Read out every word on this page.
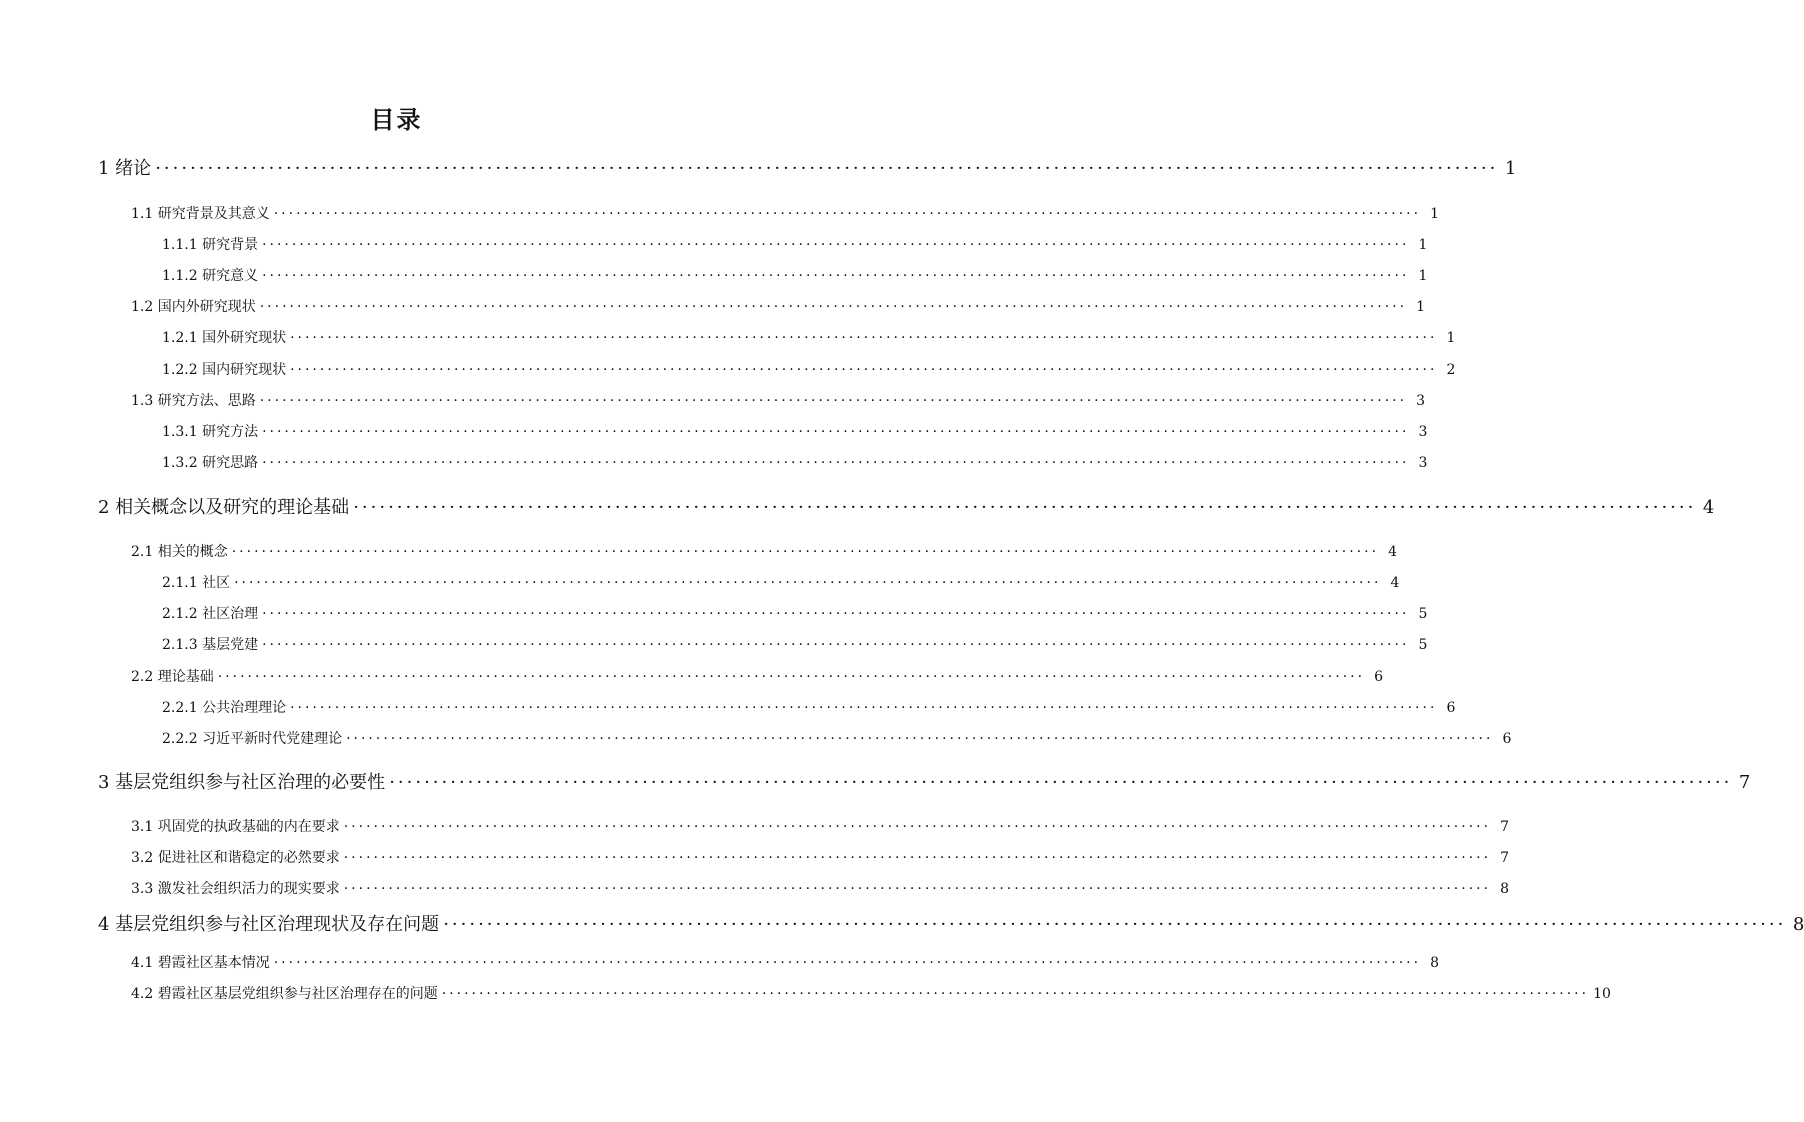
目录
1 绪论 ·························································································································································· 1
1.1 研究背景及其意义 ·························································································································································· 1
1.1.1 研究背景 ·························································································································································· 1
1.1.2 研究意义 ·························································································································································· 1
1.2 国内外研究现状 ·························································································································································· 1
1.2.1 国外研究现状 ·························································································································································· 1
1.2.2 国内研究现状 ·························································································································································· 2
1.3 研究方法、思路 ·························································································································································· 3
1.3.1 研究方法 ·························································································································································· 3
1.3.2 研究思路 ·························································································································································· 3
2 相关概念以及研究的理论基础 ·························································································································································· 4
2.1 相关的概念 ·························································································································································· 4
2.1.1 社区 ·························································································································································· 4
2.1.2 社区治理 ·························································································································································· 5
2.1.3 基层党建 ·························································································································································· 5
2.2 理论基础 ·························································································································································· 6
2.2.1 公共治理理论 ·························································································································································· 6
2.2.2 习近平新时代党建理论 ·························································································································································· 6
3 基层党组织参与社区治理的必要性 ·························································································································································· 7
3.1 巩固党的执政基础的内在要求 ·························································································································································· 7
3.2 促进社区和谐稳定的必然要求 ·························································································································································· 7
3.3 激发社会组织活力的现实要求 ·························································································································································· 8
4 基层党组织参与社区治理现状及存在问题 ·························································································································································· 8
4.1 碧霞社区基本情况 ·························································································································································· 8
4.2 碧霞社区基层党组织参与社区治理存在的问题 ·························································································································································· 10
